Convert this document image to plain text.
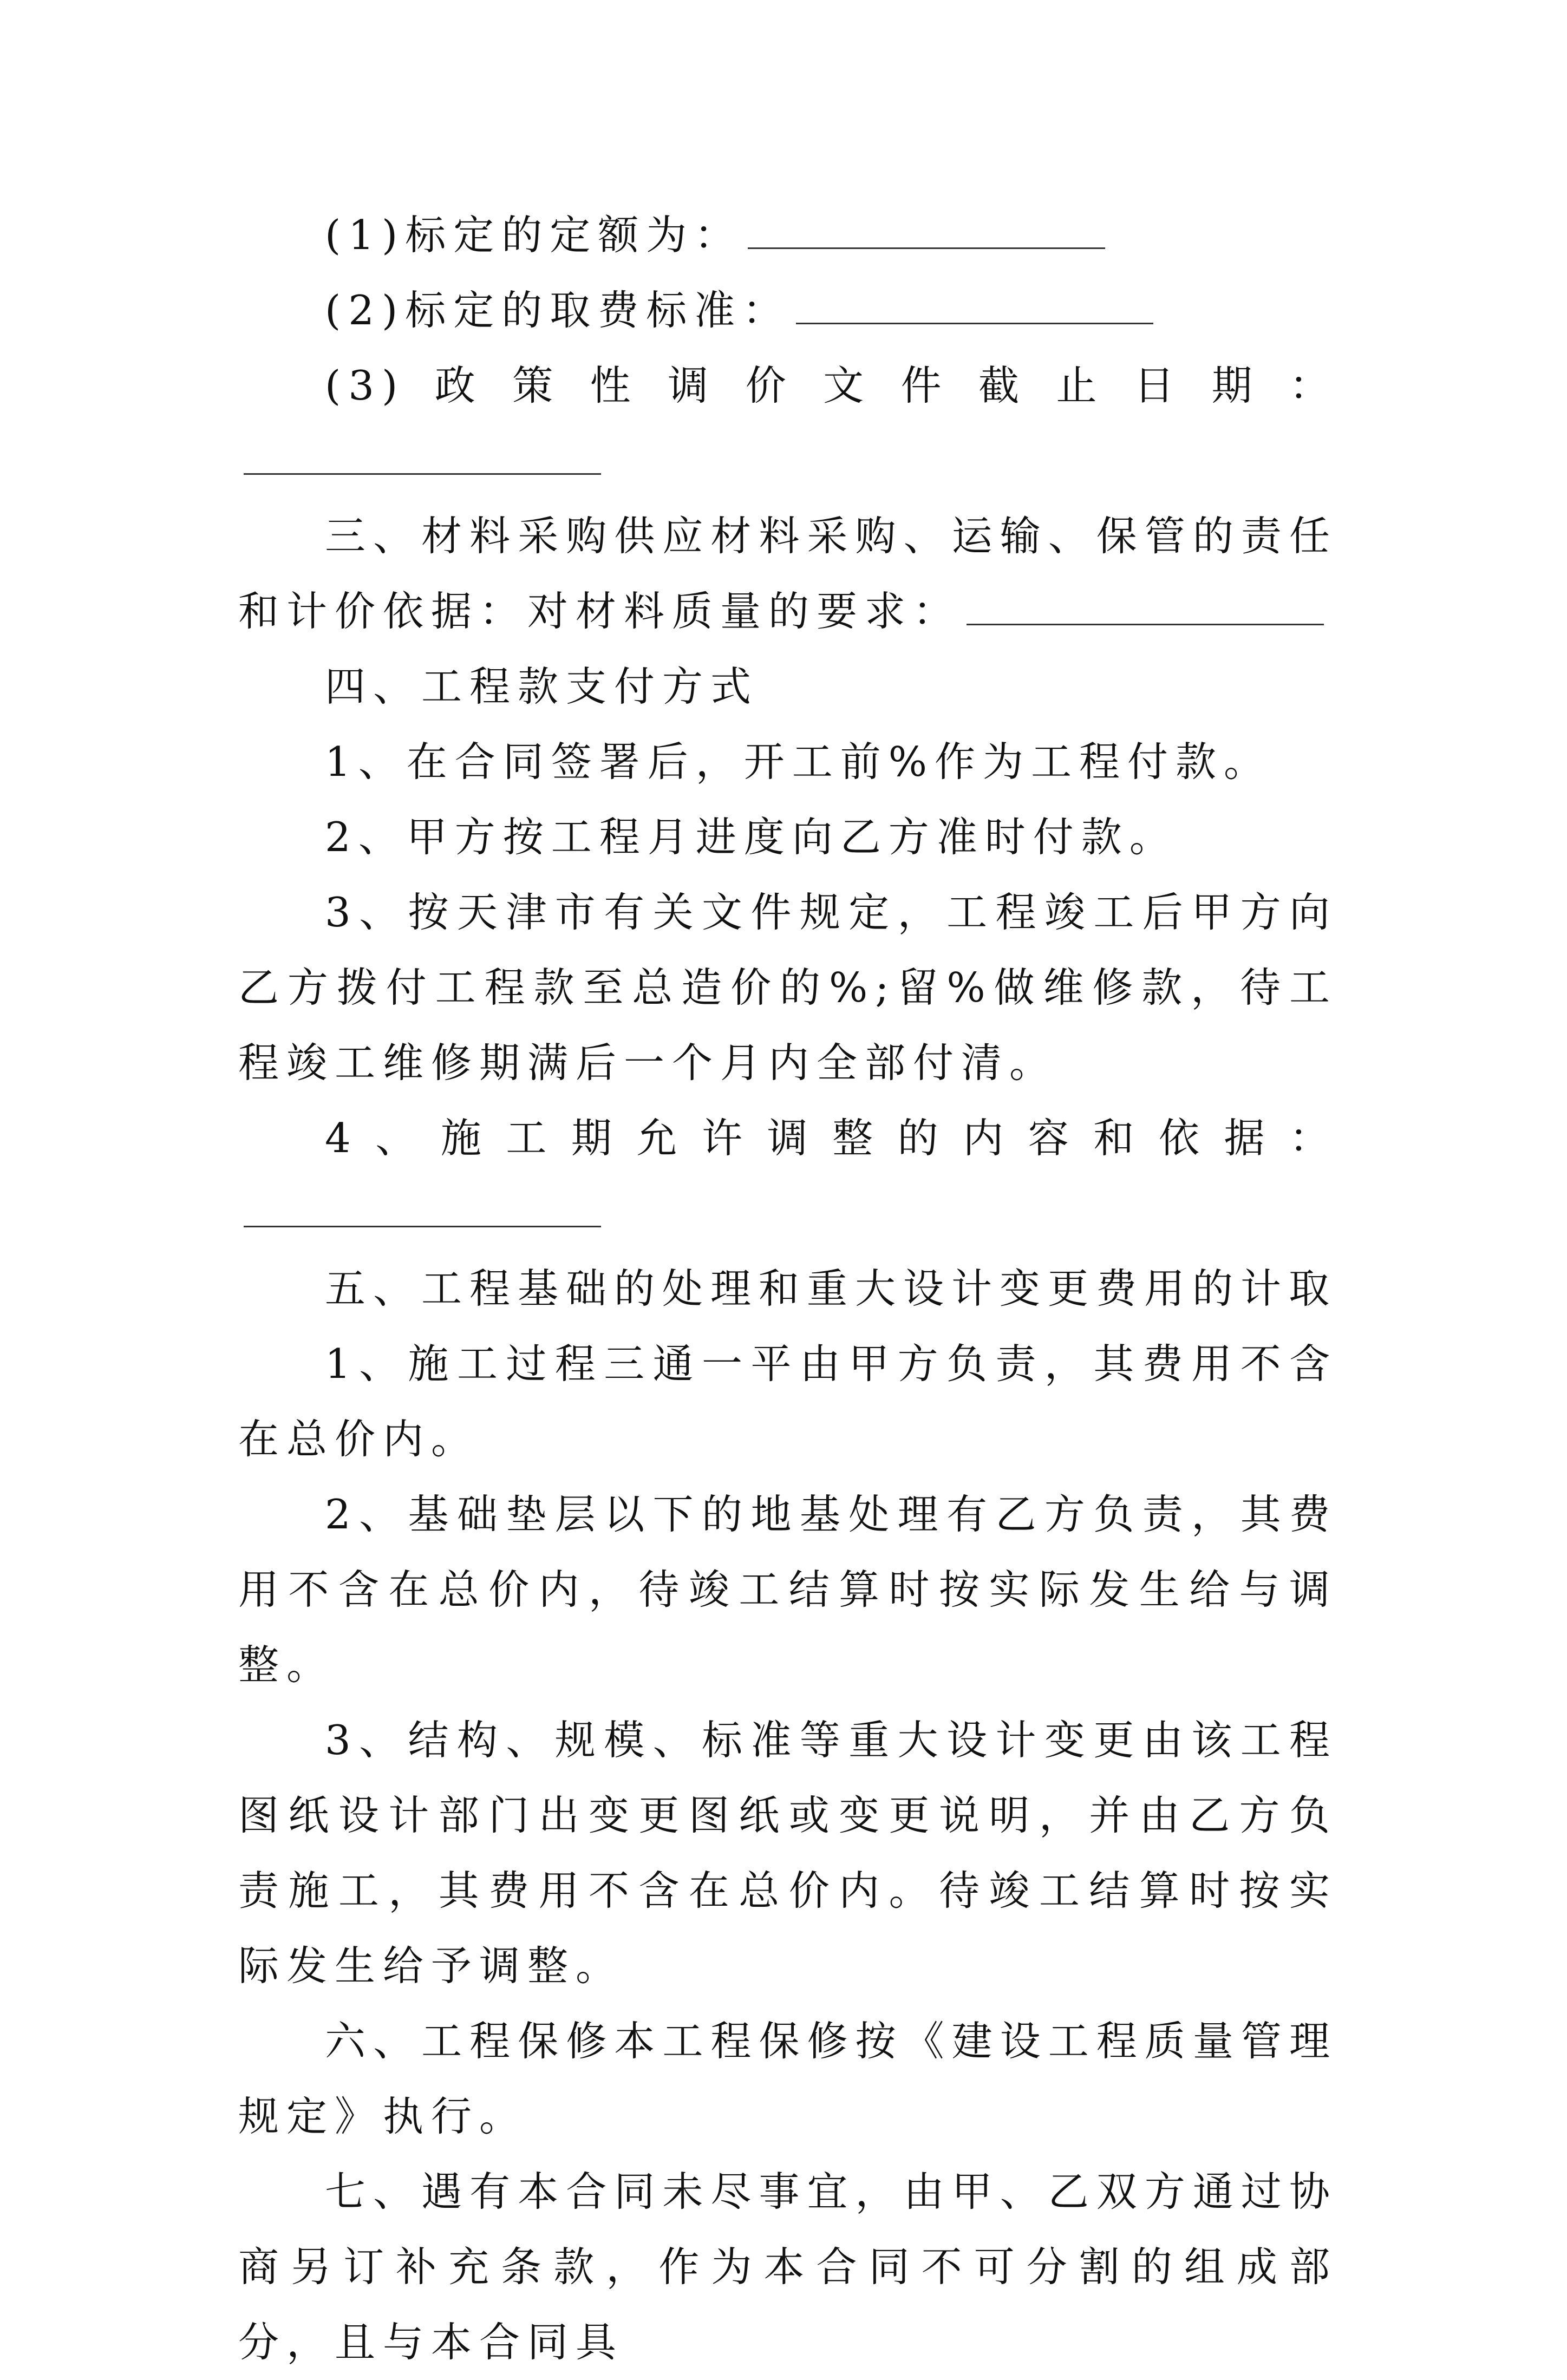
(1)标定的定额为：

(2)标定的取费标准：

(3)政策性调价文件截止日期：

三、材料采购供应材料采购、运输、保管的责任和计价依据：对材料质量的要求：

四、工程款支付方式

1、在合同签署后，开工前%作为工程付款。

2、甲方按工程月进度向乙方准时付款。

3、按天津市有关文件规定，工程竣工后甲方向乙方拨付工程款至总造价的%;留%做维修款，待工程竣工维修期满后一个月内全部付清。

4、施工期允许调整的内容和依据：

五、工程基础的处理和重大设计变更费用的计取

1、施工过程三通一平由甲方负责，其费用不含在总价内。

2、基础垫层以下的地基处理有乙方负责，其费用不含在总价内，待竣工结算时按实际发生给与调整。

3、结构、规模、标准等重大设计变更由该工程图纸设计部门出变更图纸或变更说明，并由乙方负责施工，其费用不含在总价内。待竣工结算时按实际发生给予调整。

六、工程保修本工程保修按《建设工程质量管理规定》执行。

七、遇有本合同未尽事宜，由甲、乙双方通过协商另订补充条款，作为本合同不可分割的组成部分，且与本合同具
